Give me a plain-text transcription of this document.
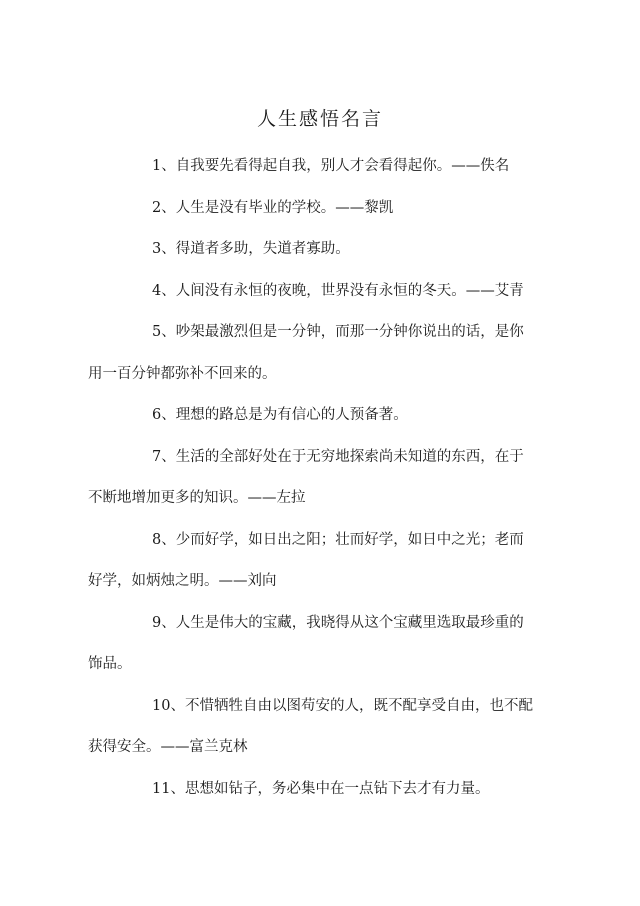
人生感悟名言
1、自我要先看得起自我，别人才会看得起你。——佚名
2、人生是没有毕业的学校。——黎凯
3、得道者多助，失道者寡助。
4、人间没有永恒的夜晚，世界没有永恒的冬天。——艾青
5、吵架最激烈但是一分钟，而那一分钟你说出的话，是你
用一百分钟都弥补不回来的。
6、理想的路总是为有信心的人预备著。
7、生活的全部好处在于无穷地探索尚未知道的东西，在于
不断地增加更多的知识。——左拉
8、少而好学，如日出之阳；壮而好学，如日中之光；老而
好学，如炳烛之明。——刘向
9、人生是伟大的宝藏，我晓得从这个宝藏里选取最珍重的
饰品。
10、不惜牺牲自由以图苟安的人，既不配享受自由，也不配
获得安全。——富兰克林
11、思想如钻子，务必集中在一点钻下去才有力量。
